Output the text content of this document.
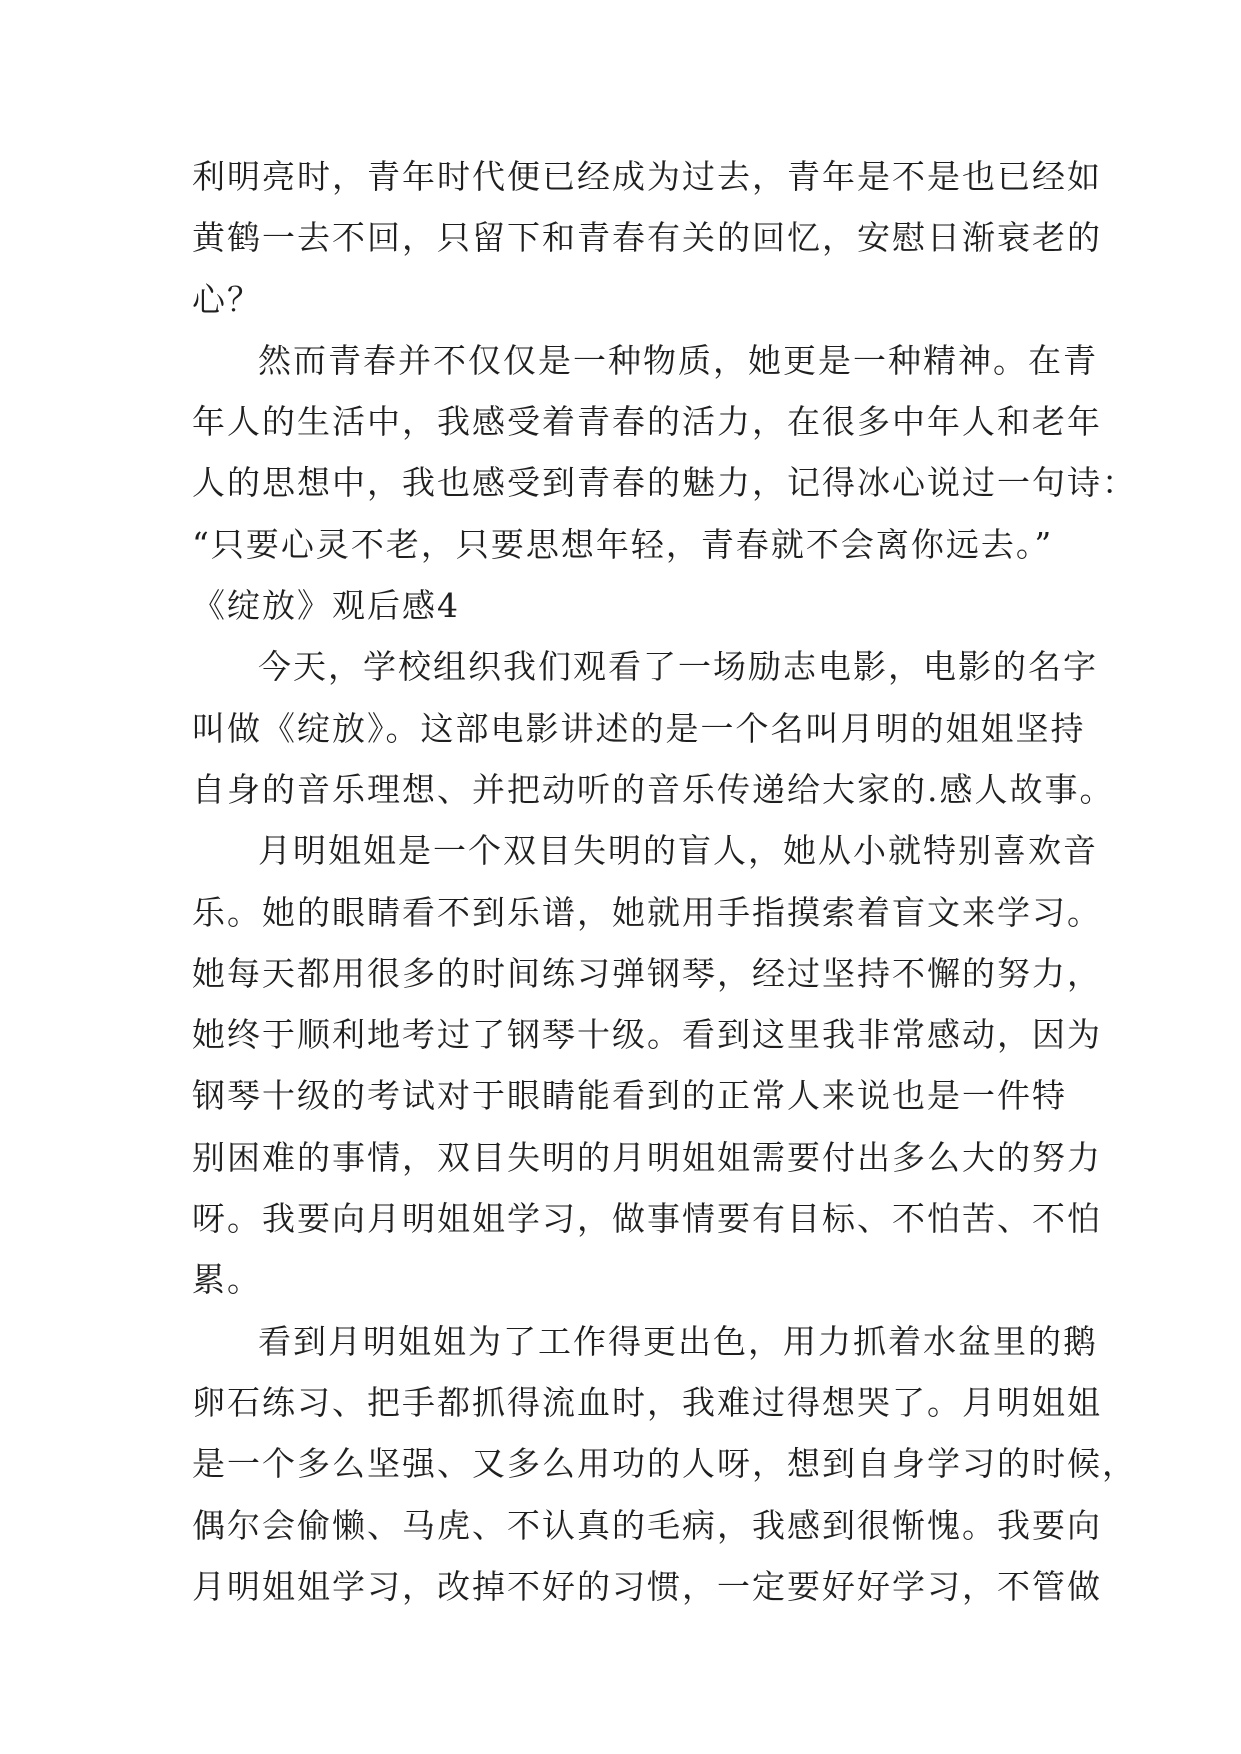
利明亮时，青年时代便已经成为过去，青年是不是也已经如
黄鹤一去不回，只留下和青春有关的回忆，安慰日渐衰老的
心？
然而青春并不仅仅是一种物质，她更是一种精神。在青
年人的生活中，我感受着青春的活力，在很多中年人和老年
人的思想中，我也感受到青春的魅力，记得冰心说过一句诗：
“只要心灵不老，只要思想年轻，青春就不会离你远去。”
《绽放》观后感4
今天，学校组织我们观看了一场励志电影，电影的名字
叫做《绽放》。这部电影讲述的是一个名叫月明的姐姐坚持
自身的音乐理想、并把动听的音乐传递给大家的.感人故事。
月明姐姐是一个双目失明的盲人，她从小就特别喜欢音
乐。她的眼睛看不到乐谱，她就用手指摸索着盲文来学习。
她每天都用很多的时间练习弹钢琴，经过坚持不懈的努力，
她终于顺利地考过了钢琴十级。看到这里我非常感动，因为
钢琴十级的考试对于眼睛能看到的正常人来说也是一件特
别困难的事情，双目失明的月明姐姐需要付出多么大的努力
呀。我要向月明姐姐学习，做事情要有目标、不怕苦、不怕
累。
看到月明姐姐为了工作得更出色，用力抓着水盆里的鹅
卵石练习、把手都抓得流血时，我难过得想哭了。月明姐姐
是一个多么坚强、又多么用功的人呀，想到自身学习的时候，
偶尔会偷懒、马虎、不认真的毛病，我感到很惭愧。我要向
月明姐姐学习，改掉不好的习惯，一定要好好学习，不管做
